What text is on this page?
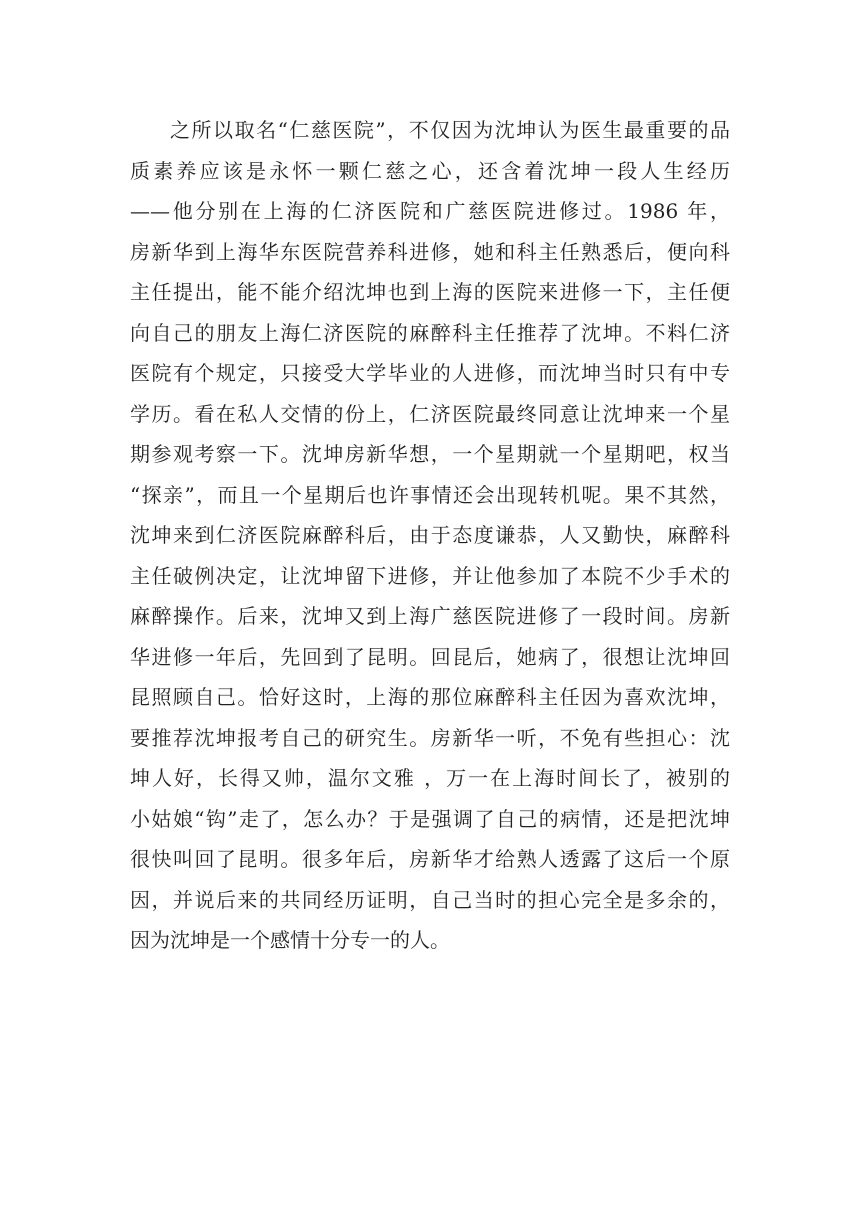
之所以取名“仁慈医院”，不仅因为沈坤认为医生最重要的品
质素养应该是永怀一颗仁慈之心，还含着沈坤一段人生经历
——他分别在上海的仁济医院和广慈医院进修过。1986 年，
房新华到上海华东医院营养科进修，她和科主任熟悉后，便向科
主任提出，能不能介绍沈坤也到上海的医院来进修一下，主任便
向自己的朋友上海仁济医院的麻醉科主任推荐了沈坤。不料仁济
医院有个规定，只接受大学毕业的人进修，而沈坤当时只有中专
学历。看在私人交情的份上，仁济医院最终同意让沈坤来一个星
期参观考察一下。沈坤房新华想，一个星期就一个星期吧，权当
“探亲”，而且一个星期后也许事情还会出现转机呢。果不其然，
沈坤来到仁济医院麻醉科后，由于态度谦恭，人又勤快，麻醉科
主任破例决定，让沈坤留下进修，并让他参加了本院不少手术的
麻醉操作。后来，沈坤又到上海广慈医院进修了一段时间。房新
华进修一年后，先回到了昆明。回昆后，她病了，很想让沈坤回
昆照顾自己。恰好这时，上海的那位麻醉科主任因为喜欢沈坤，
要推荐沈坤报考自己的研究生。房新华一听，不免有些担心：沈
坤人好，长得又帅，温尔文雅 ，万一在上海时间长了，被别的
小姑娘“钩”走了，怎么办？于是强调了自己的病情，还是把沈坤
很快叫回了昆明。很多年后，房新华才给熟人透露了这后一个原
因，并说后来的共同经历证明，自己当时的担心完全是多余的，
因为沈坤是一个感情十分专一的人。
